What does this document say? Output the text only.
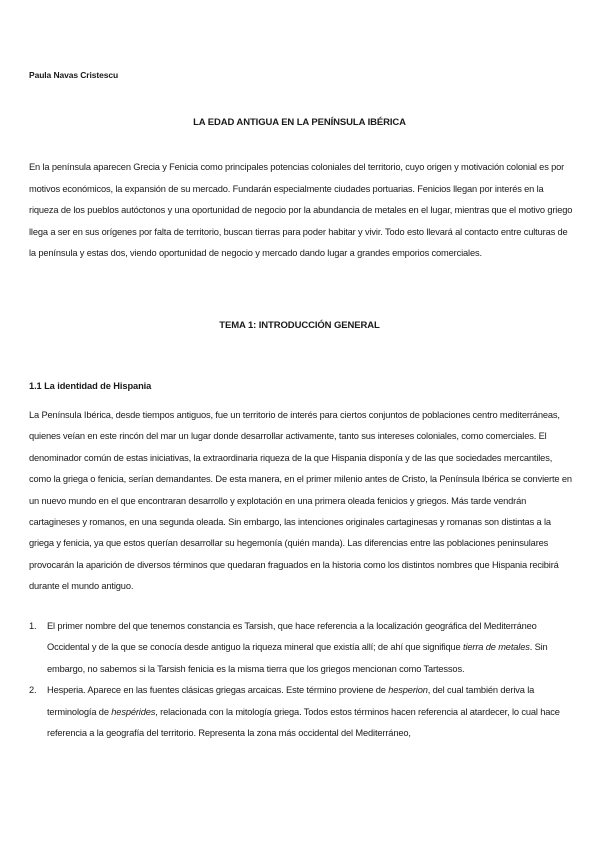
Paula Navas Cristescu
LA EDAD ANTIGUA EN LA PENÍNSULA IBÉRICA

En la península aparecen Grecia y Fenicia como principales potencias coloniales del territorio, cuyo origen y motivación colonial es por motivos económicos, la expansión de su mercado. Fundarán especialmente ciudades portuarias. Fenicios llegan por interés en la riqueza de los pueblos autóctonos y una oportunidad de negocio por la abundancia de metales en el lugar, mientras que el motivo griego llega a ser en sus orígenes por falta de territorio, buscan tierras para poder habitar y vivir. Todo esto llevará al contacto entre culturas de la península y estas dos, viendo oportunidad de negocio y mercado dando lugar a grandes emporios comerciales.

TEMA 1: INTRODUCCIÓN GENERAL
1.1 La identidad de Hispania

La Península Ibérica, desde tiempos antiguos, fue un territorio de interés para ciertos conjuntos de poblaciones centro mediterráneas, quienes veían en este rincón del mar un lugar donde desarrollar activamente, tanto sus intereses coloniales, como comerciales. El denominador común de estas iniciativas, la extraordinaria riqueza de la que Hispania disponía y de las que sociedades mercantiles, como la griega o fenicia, serían demandantes. De esta manera, en el primer milenio antes de Cristo, la Península Ibérica se convierte en un nuevo mundo en el que encontraran desarrollo y explotación en una primera oleada fenicios y griegos. Más tarde vendrán cartagineses y romanos, en una segunda oleada. Sin embargo, las intenciones originales cartaginesas y romanas son distintas a la griega y fenicia, ya que estos querían desarrollar su hegemonía (quién manda). Las diferencias entre las poblaciones peninsulares provocarán la aparición de diversos términos que quedaran fraguados en la historia como los distintos nombres que Hispania recibirá durante el mundo antiguo.

1. El primer nombre del que tenemos constancia es Tarsish, que hace referencia a la localización geográfica del Mediterráneo Occidental y de la que se conocía desde antiguo la riqueza mineral que existía allí; de ahí que signifique tierra de metales. Sin embargo, no sabemos si la Tarsish fenicia es la misma tierra que los griegos mencionan como Tartessos.
2. Hesperia. Aparece en las fuentes clásicas griegas arcaicas. Este término proviene de hesperion, del cual también deriva la terminología de hespérides, relacionada con la mitología griega. Todos estos términos hacen referencia al atardecer, lo cual hace referencia a la geografía del territorio. Representa la zona más occidental del Mediterráneo,
